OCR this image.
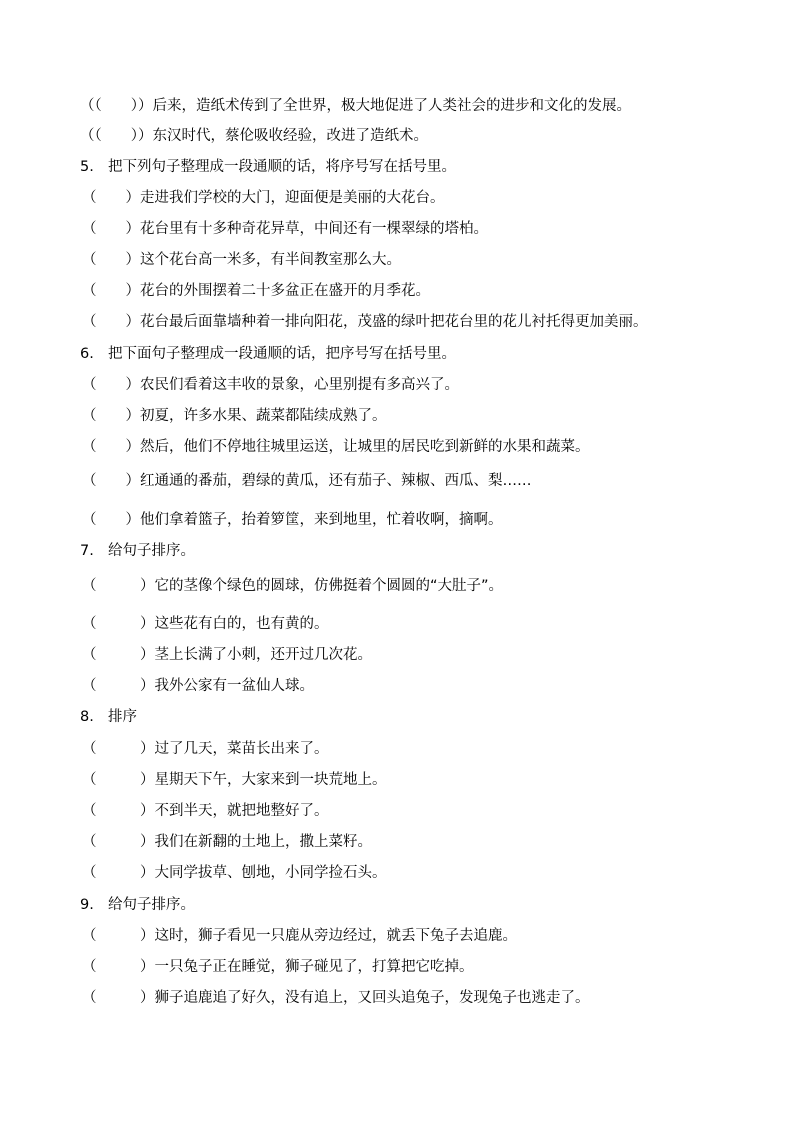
（（　　））后来，造纸术传到了全世界，极大地促进了人类社会的进步和文化的发展。
（（　　））东汉时代，蔡伦吸收经验，改进了造纸术。
5. 把下列句子整理成一段通顺的话，将序号写在括号里。
（　　）走进我们学校的大门，迎面便是美丽的大花台。
（　　）花台里有十多种奇花异草，中间还有一棵翠绿的塔柏。
（　　）这个花台高一米多，有半间教室那么大。
（　　）花台的外围摆着二十多盆正在盛开的月季花。
（　　）花台最后面靠墙种着一排向阳花，茂盛的绿叶把花台里的花儿衬托得更加美丽。
6. 把下面句子整理成一段通顺的话，把序号写在括号里。
（　　）农民们看着这丰收的景象，心里别提有多高兴了。
（　　）初夏，许多水果、蔬菜都陆续成熟了。
（　　）然后，他们不停地往城里运送，让城里的居民吃到新鲜的水果和蔬菜。
（　　）红通通的番茄，碧绿的黄瓜，还有茄子、辣椒、西瓜、梨……
（　　）他们拿着篮子，抬着箩筐，来到地里，忙着收啊，摘啊。
7. 给句子排序。
（　　　）它的茎像个绿色的圆球，仿佛挺着个圆圆的“大肚子”。
（　　　）这些花有白的，也有黄的。
（　　　）茎上长满了小刺，还开过几次花。
（　　　）我外公家有一盆仙人球。
8. 排序
（　　　）过了几天，菜苗长出来了。
（　　　）星期天下午，大家来到一块荒地上。
（　　　）不到半天，就把地整好了。
（　　　）我们在新翻的土地上，撒上菜籽。
（　　　）大同学拔草、刨地，小同学捡石头。
9. 给句子排序。
（　　　）这时，狮子看见一只鹿从旁边经过，就丢下兔子去追鹿。
（　　　）一只兔子正在睡觉，狮子碰见了，打算把它吃掉。
（　　　）狮子追鹿追了好久，没有追上，又回头追兔子，发现兔子也逃走了。
